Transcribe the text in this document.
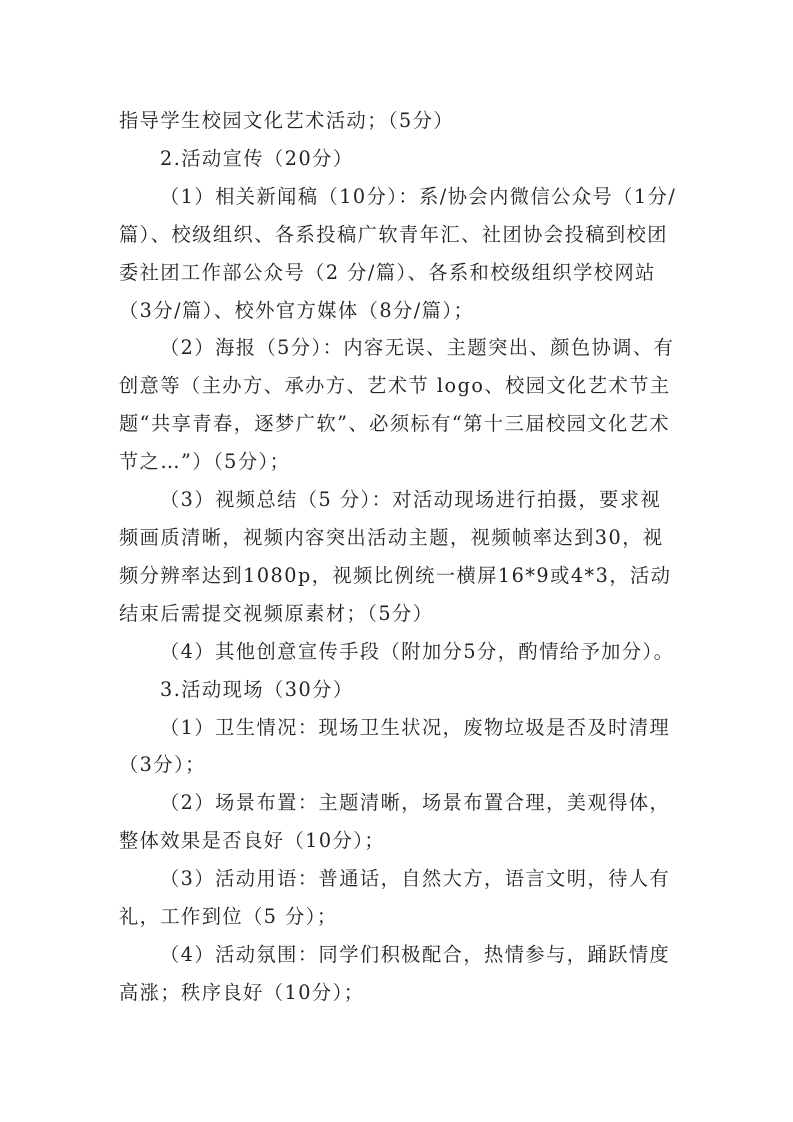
指导学生校园文化艺术活动；（5分）

2.活动宣传（20分）

（1）相关新闻稿（10分）：系/协会内微信公众号（1分/篇）、校级组织、各系投稿广软青年汇、社团协会投稿到校团委社团工作部公众号（2 分/篇）、各系和校级组织学校网站（3分/篇）、校外官方媒体（8分/篇）；

（2）海报（5分）：内容无误、主题突出、颜色协调、有创意等（主办方、承办方、艺术节 logo、校园文化艺术节主题“共享青春，逐梦广软”、必须标有“第十三届校园文化艺术节之…”）（5分）；

（3）视频总结（5 分）：对活动现场进行拍摄，要求视频画质清晰，视频内容突出活动主题，视频帧率达到30，视频分辨率达到1080p，视频比例统一横屏16*9或4*3，活动结束后需提交视频原素材；（5分）

（4）其他创意宣传手段（附加分5分，酌情给予加分）。

3.活动现场（30分）

（1）卫生情况：现场卫生状况，废物垃圾是否及时清理（3分）；

（2）场景布置：主题清晰，场景布置合理，美观得体，整体效果是否良好（10分）；

（3）活动用语：普通话，自然大方，语言文明，待人有礼，工作到位（5 分）；

（4）活动氛围：同学们积极配合，热情参与，踊跃情度高涨；秩序良好（10分）；
